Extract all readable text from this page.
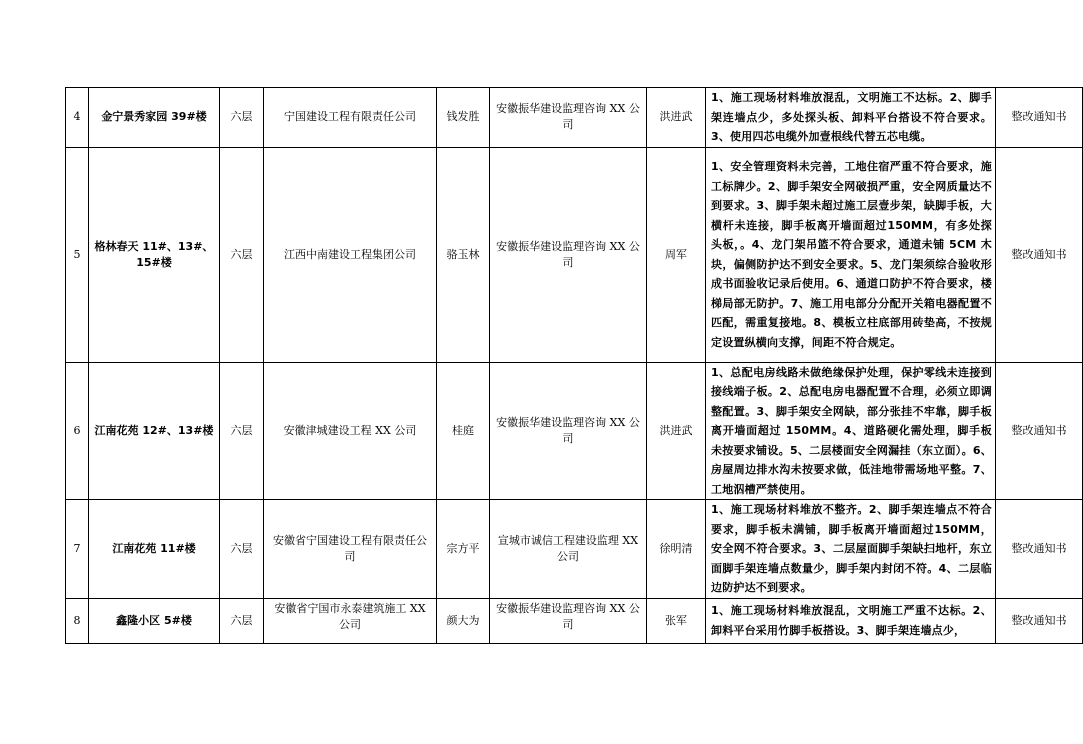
4	金宁景秀家园 39#楼	六层	宁国建设工程有限责任公司	钱发胜	安徽振华建设监理咨询 XX 公司	洪进武	1、施工现场材料堆放混乱，文明施工不达标。2、脚手架连墙点少，多处探头板、卸料平台搭设不符合要求。3、使用四芯电缆外加壹根线代替五芯电缆。	整改通知书
5	格林春天 11#、13#、15#楼	六层	江西中南建设工程集团公司	骆玉林	安徽振华建设监理咨询 XX 公司	周军	1、安全管理资料未完善，工地住宿严重不符合要求，施工标牌少。2、脚手架安全网破损严重，安全网质量达不到要求。3、脚手架未超过施工层壹步架，缺脚手板，大横杆未连接，脚手板离开墙面超过150MM，有多处探头板，。4、龙门架吊篮不符合要求，通道未铺 5CM 木块，偏侧防护达不到安全要求。5、龙门架须综合验收形成书面验收记录后使用。6、通道口防护不符合要求，楼梯局部无防护。7、施工用电部分分配开关箱电器配置不匹配，需重复接地。8、模板立柱底部用砖垫高，不按规定设置纵横向支撑，间距不符合规定。	整改通知书
6	江南花苑 12#、13#楼	六层	安徽津城建设工程 XX 公司	桂庭	安徽振华建设监理咨询 XX 公司	洪进武	1、总配电房线路未做绝缘保护处理，保护零线未连接到接线端子板。2、总配电房电器配置不合理，必须立即调整配置。3、脚手架安全网缺，部分张挂不牢靠，脚手板离开墙面超过 150MM。4、道路硬化需处理，脚手板未按要求铺设。5、二层楼面安全网漏挂（东立面）。6、房屋周边排水沟未按要求做，低洼地带需场地平整。7、工地泅槽严禁使用。	整改通知书
7	江南花苑 11#楼	六层	安徽省宁国建设工程有限责任公司	宗方平	宣城市诚信工程建设监理 XX 公司	徐明清	1、施工现场材料堆放不整齐。2、脚手架连墙点不符合要求，脚手板未满铺，脚手板离开墙面超过150MM，安全网不符合要求。3、二层屋面脚手架缺扫地杆，东立面脚手架连墙点数量少，脚手架内封闭不符。4、二层临边防护达不到要求。	整改通知书
8	鑫隆小区 5#楼	六层	安徽省宁国市永泰建筑施工 XX 公司	颜大为	安徽振华建设监理咨询 XX 公司	张军	1、施工现场材料堆放混乱，文明施工严重不达标。2、卸料平台采用竹脚手板搭设。3、脚手架连墙点少，	整改通知书
